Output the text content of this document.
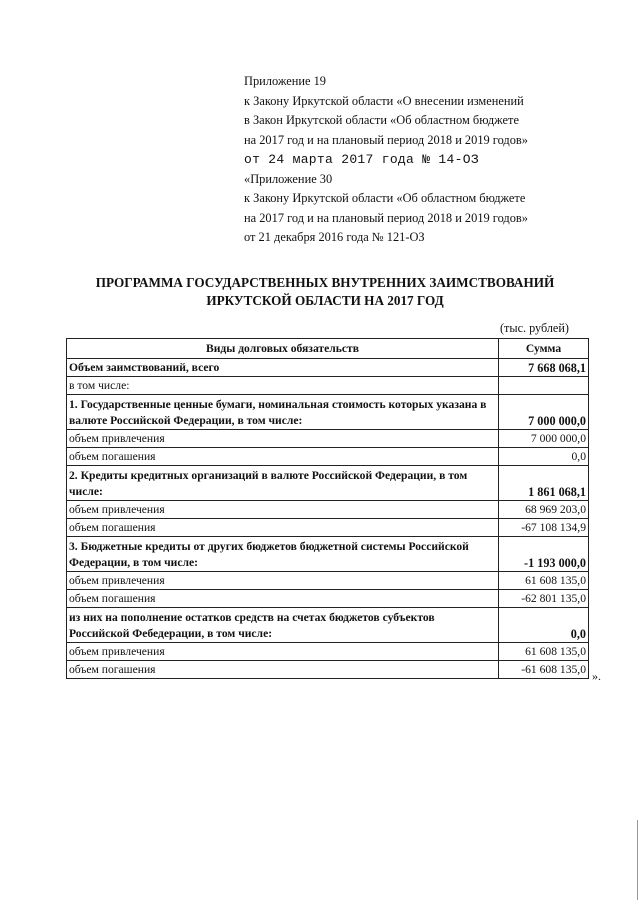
Приложение 19
к Закону Иркутской области «О внесении изменений
в Закон Иркутской области «Об областном бюджете
на 2017 год и на плановый период 2018 и 2019 годов»
от 24 марта 2017 года № 14-ОЗ
«Приложение 30
к Закону Иркутской области «Об областном бюджете
на 2017 год и на плановый период 2018 и 2019 годов»
от 21 декабря 2016 года № 121-ОЗ
ПРОГРАММА ГОСУДАРСТВЕННЫХ ВНУТРЕННИХ ЗАИМСТВОВАНИЙ
ИРКУТСКОЙ ОБЛАСТИ НА 2017 ГОД
(тыс. рублей)
Виды долговых обязательств	Сумма
Объем заимствований, всего	7 668 068,1
в том числе:	
1. Государственные ценные бумаги, номинальная стоимость которых указана в валюте Российской Федерации, в том числе:	7 000 000,0
объем привлечения	7 000 000,0
объем погашения	0,0
2. Кредиты кредитных организаций в валюте Российской Федерации, в том числе:	1 861 068,1
объем привлечения	68 969 203,0
объем погашения	-67 108 134,9
3. Бюджетные кредиты от других бюджетов бюджетной системы Российской Федерации, в том числе:	-1 193 000,0
объем привлечения	61 608 135,0
объем погашения	-62 801 135,0
из них на пополнение остатков средств на счетах бюджетов субъектов Российской Фебедерации, в том числе:	0,0
объем привлечения	61 608 135,0
объем погашения	-61 608 135,0 ».
